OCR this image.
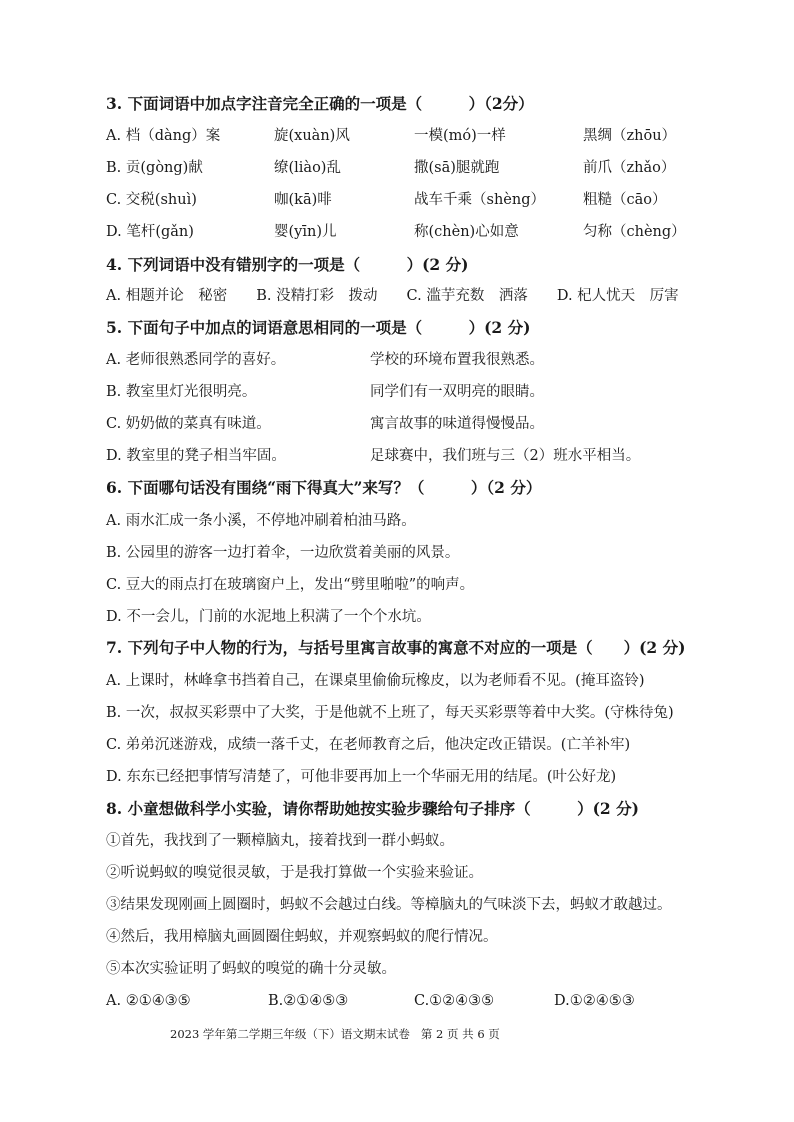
3. 下面词语中加点字注音完全正确的一项是（　　　）（2分）
A. 档（dàng）案	旋(xuàn)风	一模(mó)一样	黑绸（zhōu）
B. 贡(gòng)献	缭(liào)乱	撒(sā)腿就跑	前爪（zhǎo）
C. 交税(shuì)	咖(kā)啡	战车千乘（shèng）	粗糙（cāo）
D. 笔杆(gǎn)	婴(yīn)儿	称(chèn)心如意	匀称（chèng）
4. 下列词语中没有错别字的一项是（　　　）(2 分)
A. 相题并论　秘密　　B. 没精打彩　拨动　　C. 滥芋充数　洒落　　D. 杞人忧天　厉害
5. 下面句子中加点的词语意思相同的一项是（　　　）(2 分)
A. 老师很熟悉同学的喜好。	学校的环境布置我很熟悉。
B. 教室里灯光很明亮。	同学们有一双明亮的眼睛。
C. 奶奶做的菜真有味道。	寓言故事的味道得慢慢品。
D. 教室里的凳子相当牢固。	足球赛中，我们班与三（2）班水平相当。
6. 下面哪句话没有围绕“雨下得真大”来写？（　　　）（2 分）
A. 雨水汇成一条小溪，不停地冲刷着柏油马路。
B. 公园里的游客一边打着伞，一边欣赏着美丽的风景。
C. 豆大的雨点打在玻璃窗户上，发出“劈里啪啦”的响声。
D. 不一会儿，门前的水泥地上积满了一个个水坑。
7. 下列句子中人物的行为，与括号里寓言故事的寓意不对应的一项是（　　）(2 分)
A. 上课时，林峰拿书挡着自己，在课桌里偷偷玩橡皮，以为老师看不见。(掩耳盗铃)
B. 一次，叔叔买彩票中了大奖，于是他就不上班了，每天买彩票等着中大奖。(守株待兔)
C. 弟弟沉迷游戏，成绩一落千丈，在老师教育之后，他决定改正错误。(亡羊补牢)
D. 东东已经把事情写清楚了，可他非要再加上一个华丽无用的结尾。(叶公好龙)
8. 小童想做科学小实验，请你帮助她按实验步骤给句子排序（　　　）(2 分)
①首先，我找到了一颗樟脑丸，接着找到一群小蚂蚁。
②听说蚂蚁的嗅觉很灵敏，于是我打算做一个实验来验证。
③结果发现刚画上圆圈时，蚂蚁不会越过白线。等樟脑丸的气味淡下去，蚂蚁才敢越过。
④然后，我用樟脑丸画圆圈住蚂蚁，并观察蚂蚁的爬行情况。
⑤本次实验证明了蚂蚁的嗅觉的确十分灵敏。
A. ②①④③⑤	B.②①④⑤③	C.①②④③⑤	D.①②④⑤③
2023 学年第二学期三年级（下）语文期末试卷 第 2 页 共 6 页
